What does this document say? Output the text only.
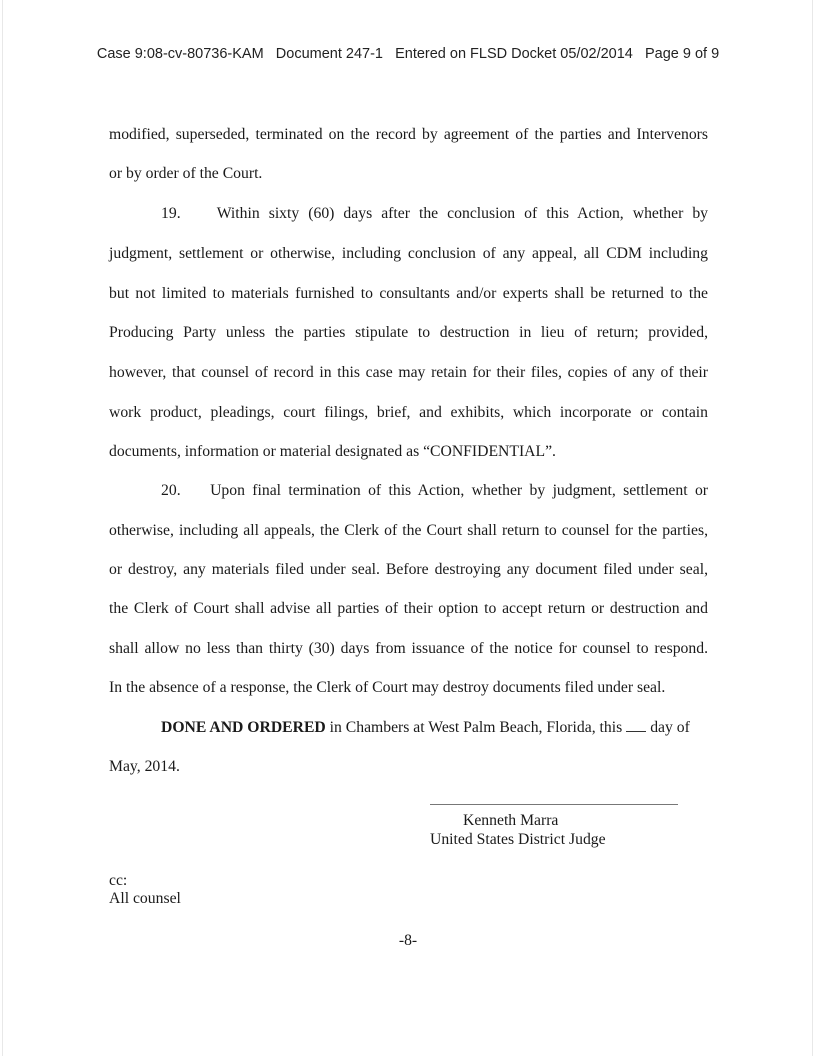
Case 9:08-cv-80736-KAM Document 247-1 Entered on FLSD Docket 05/02/2014 Page 9 of 9
modified, superseded, terminated on the record by agreement of the parties and Intervenors
or by order of the Court.
19. Within sixty (60) days after the conclusion of this Action, whether by
judgment, settlement or otherwise, including conclusion of any appeal, all CDM including
but not limited to materials furnished to consultants and/or experts shall be returned to the
Producing Party unless the parties stipulate to destruction in lieu of return; provided,
however, that counsel of record in this case may retain for their files, copies of any of their
work product, pleadings, court filings, brief, and exhibits, which incorporate or contain
documents, information or material designated as “CONFIDENTIAL”.
20. Upon final termination of this Action, whether by judgment, settlement or
otherwise, including all appeals, the Clerk of the Court shall return to counsel for the parties,
or destroy, any materials filed under seal. Before destroying any document filed under seal,
the Clerk of Court shall advise all parties of their option to accept return or destruction and
shall allow no less than thirty (30) days from issuance of the notice for counsel to respond.
In the absence of a response, the Clerk of Court may destroy documents filed under seal.
DONE AND ORDERED in Chambers at West Palm Beach, Florida, this day of
May, 2014.
Kenneth Marra
United States District Judge
cc:
All counsel
-8-
